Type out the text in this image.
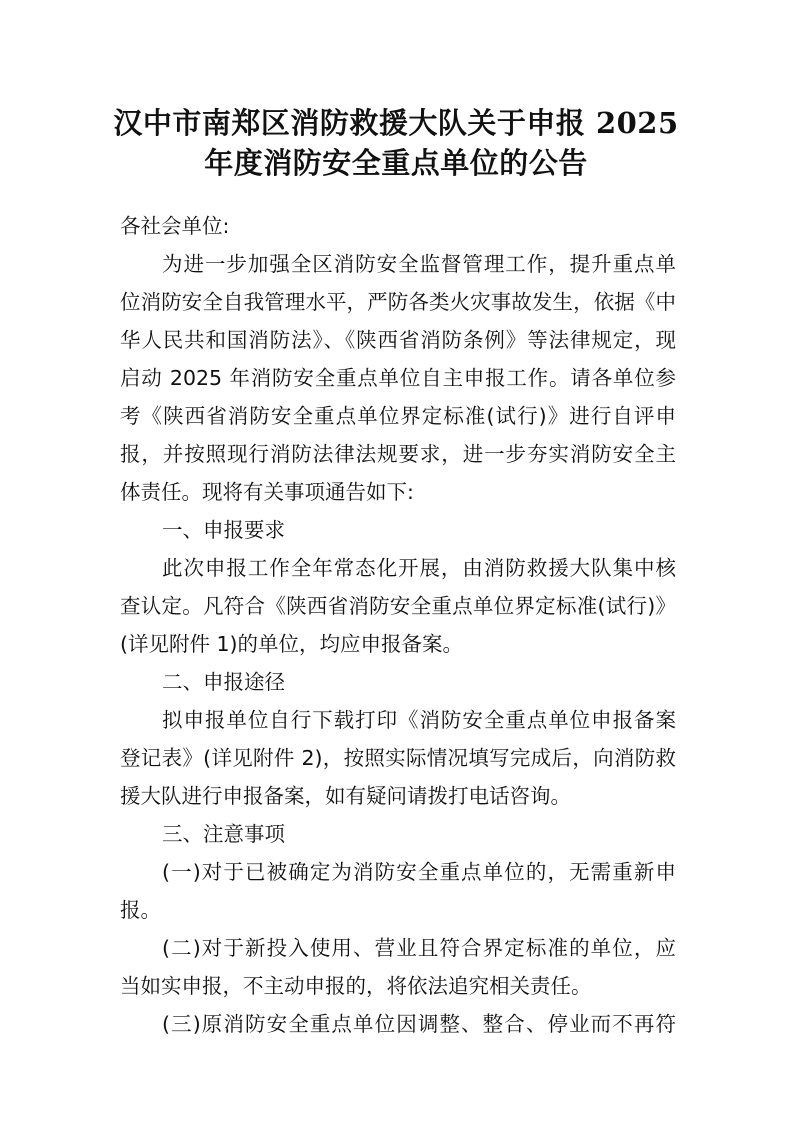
汉中市南郑区消防救援大队关于申报 2025
年度消防安全重点单位的公告
各社会单位:
为进一步加强全区消防安全监督管理工作，提升重点单
位消防安全自我管理水平，严防各类火灾事故发生，依据《中
华人民共和国消防法》、《陕西省消防条例》等法律规定，现
启动 2025 年消防安全重点单位自主申报工作。请各单位参
考《陕西省消防安全重点单位界定标准(试行)》进行自评申
报，并按照现行消防法律法规要求，进一步夯实消防安全主
体责任。现将有关事项通告如下:
一、申报要求
此次申报工作全年常态化开展，由消防救援大队集中核
查认定。凡符合《陕西省消防安全重点单位界定标准(试行)》
(详见附件 1)的单位，均应申报备案。
二、申报途径
拟申报单位自行下载打印《消防安全重点单位申报备案
登记表》(详见附件 2)，按照实际情况填写完成后，向消防救
援大队进行申报备案，如有疑问请拨打电话咨询。
三、注意事项
(一)对于已被确定为消防安全重点单位的，无需重新申
报。
(二)对于新投入使用、营业且符合界定标准的单位，应
当如实申报，不主动申报的，将依法追究相关责任。
(三)原消防安全重点单位因调整、整合、停业而不再符
